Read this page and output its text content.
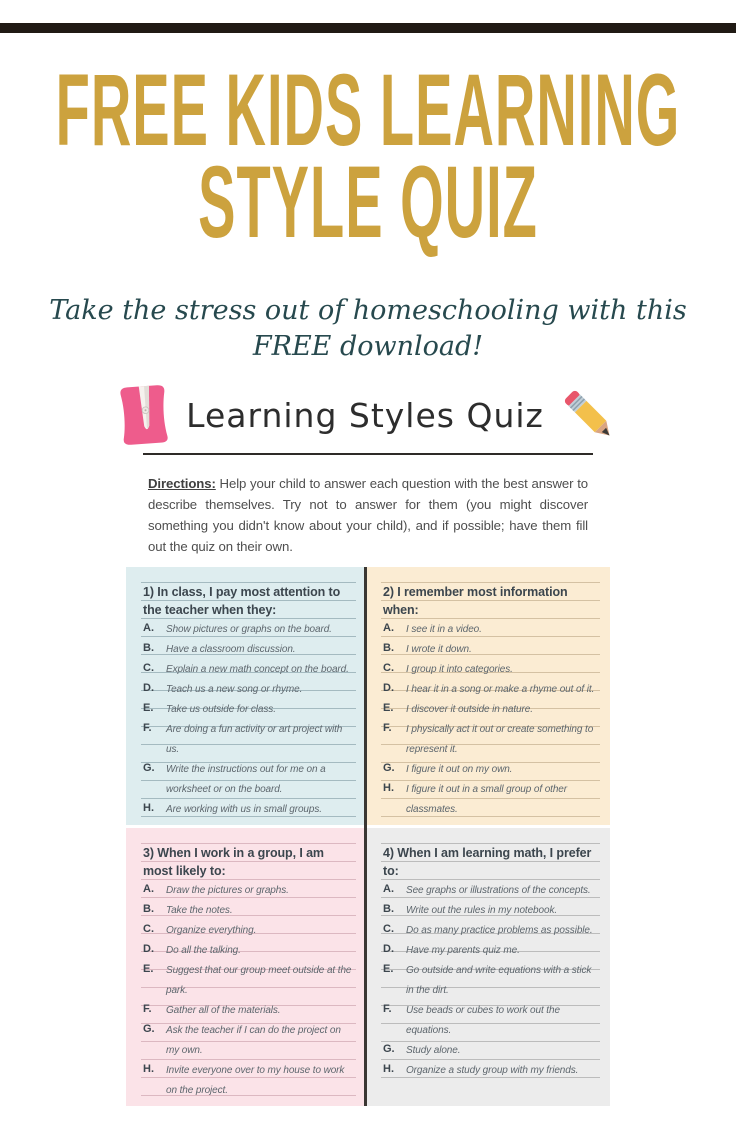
FREE KIDS LEARNING
STYLE QUIZ
Take the stress out of homeschooling with this
FREE download!
Learning Styles Quiz

Directions: Help your child to answer each question with the best answer to describe themselves. Try not to answer for them (you might discover something you didn't know about your child), and if possible; have them fill out the quiz on their own.

1) In class, I pay most attention to the teacher when they:
A. Show pictures or graphs on the board.
B. Have a classroom discussion.
C. Explain a new math concept on the board.
D. Teach us a new song or rhyme.
E. Take us outside for class.
F. Are doing a fun activity or art project with us.
G. Write the instructions out for me on a worksheet or on the board.
H. Are working with us in small groups.
2) I remember most information when:
A. I see it in a video.
B. I wrote it down.
C. I group it into categories.
D. I hear it in a song or make a rhyme out of it.
E. I discover it outside in nature.
F. I physically act it out or create something to represent it.
G. I figure it out on my own.
H. I figure it out in a small group of other classmates.
3) When I work in a group, I am most likely to:
A. Draw the pictures or graphs.
B. Take the notes.
C. Organize everything.
D. Do all the talking.
E. Suggest that our group meet outside at the park.
F. Gather all of the materials.
G. Ask the teacher if I can do the project on my own.
H. Invite everyone over to my house to work on the project.
4) When I am learning math, I prefer to:
A. See graphs or illustrations of the concepts.
B. Write out the rules in my notebook.
C. Do as many practice problems as possible.
D. Have my parents quiz me.
E. Go outside and write equations with a stick in the dirt.
F. Use beads or cubes to work out the equations.
G. Study alone.
H. Organize a study group with my friends.
